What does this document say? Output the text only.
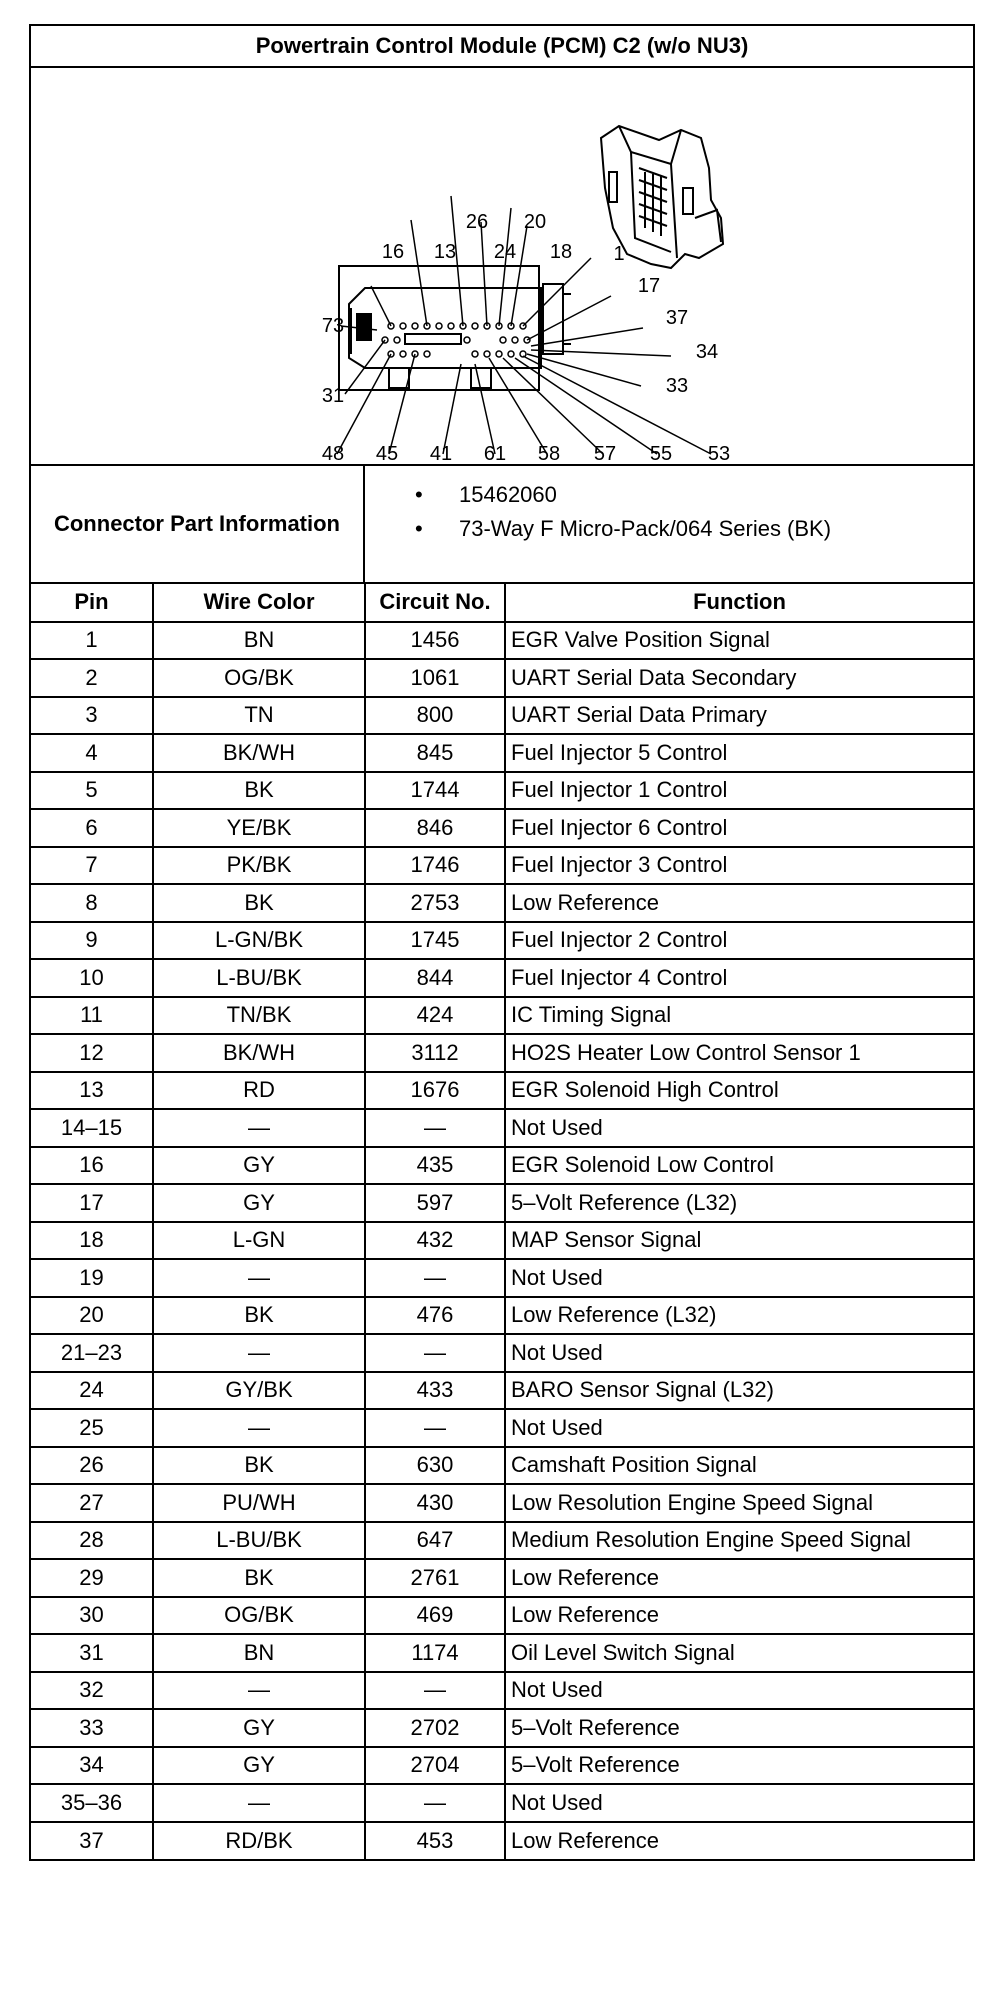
Powertrain Control Module (PCM) C2 (w/o NU3)
16 13
26
24
20
18 1
17
37
34
33
73
31
48 45 41 61 58 57 55 53
Connector Part Information
• 15462060
• 73-Way F Micro-Pack/064 Series (BK)
Pin	Wire Color	Circuit No.	Function
1	BN	1456	EGR Valve Position Signal
2	OG/BK	1061	UART Serial Data Secondary
3	TN	800	UART Serial Data Primary
4	BK/WH	845	Fuel Injector 5 Control
5	BK	1744	Fuel Injector 1 Control
6	YE/BK	846	Fuel Injector 6 Control
7	PK/BK	1746	Fuel Injector 3 Control
8	BK	2753	Low Reference
9	L-GN/BK	1745	Fuel Injector 2 Control
10	L-BU/BK	844	Fuel Injector 4 Control
11	TN/BK	424	IC Timing Signal
12	BK/WH	3112	HO2S Heater Low Control Sensor 1
13	RD	1676	EGR Solenoid High Control
14–15	—	—	Not Used
16	GY	435	EGR Solenoid Low Control
17	GY	597	5–Volt Reference (L32)
18	L-GN	432	MAP Sensor Signal
19	—	—	Not Used
20	BK	476	Low Reference (L32)
21–23	—	—	Not Used
24	GY/BK	433	BARO Sensor Signal (L32)
25	—	—	Not Used
26	BK	630	Camshaft Position Signal
27	PU/WH	430	Low Resolution Engine Speed Signal
28	L-BU/BK	647	Medium Resolution Engine Speed Signal
29	BK	2761	Low Reference
30	OG/BK	469	Low Reference
31	BN	1174	Oil Level Switch Signal
32	—	—	Not Used
33	GY	2702	5–Volt Reference
34	GY	2704	5–Volt Reference
35–36	—	—	Not Used
37	RD/BK	453	Low Reference
